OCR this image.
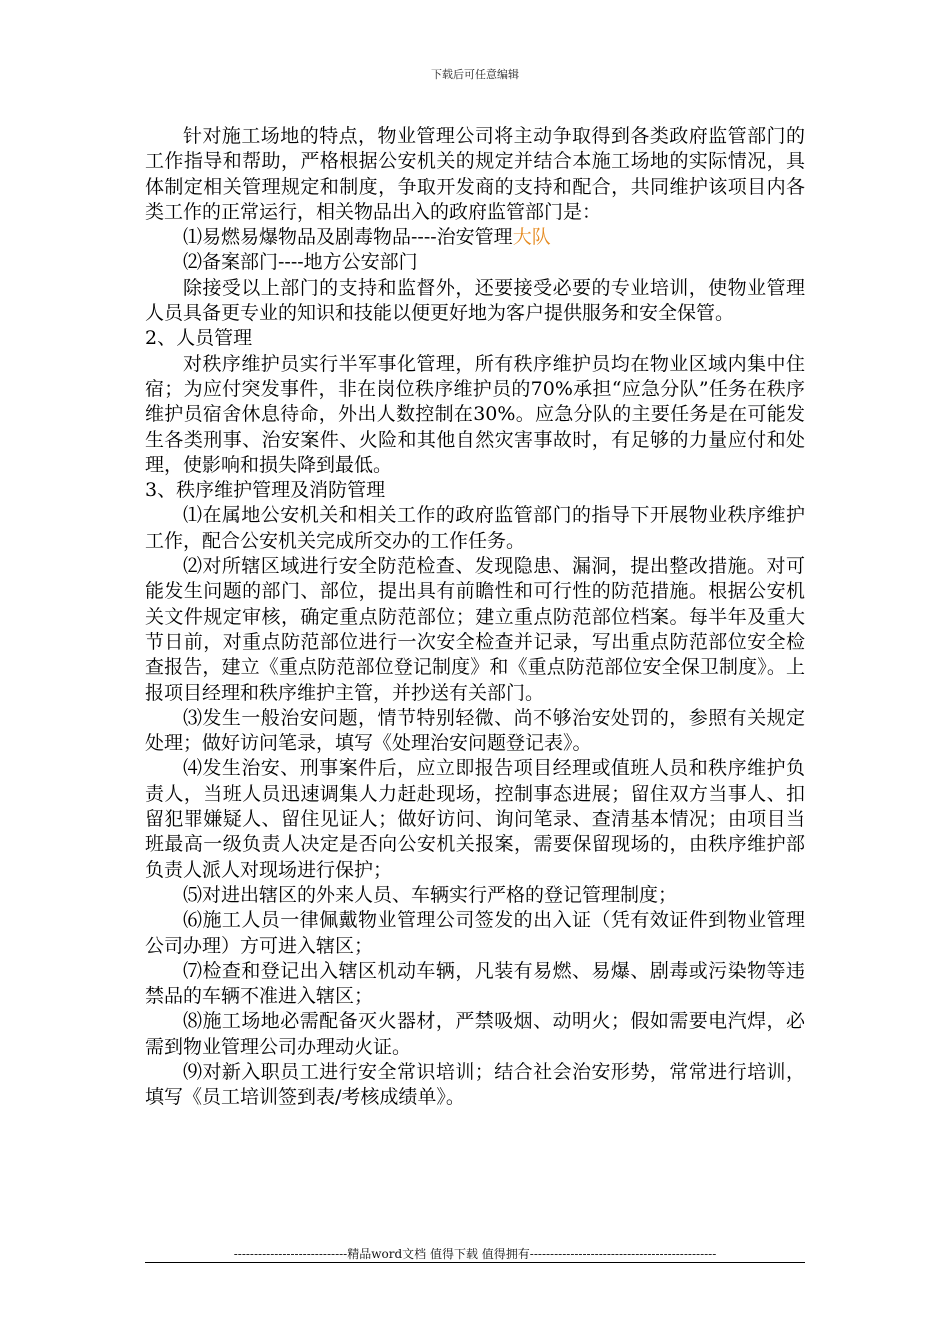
下载后可任意编辑

针对施工场地的特点，物业管理公司将主动争取得到各类政府监管部门的工作指导和帮助，严格根据公安机关的规定并结合本施工场地的实际情况，具体制定相关管理规定和制度，争取开发商的支持和配合，共同维护该项目内各类工作的正常运行，相关物品出入的政府监管部门是：

⑴易燃易爆物品及剧毒物品----治安管理大队

⑵备案部门----地方公安部门

除接受以上部门的支持和监督外，还要接受必要的专业培训，使物业管理人员具备更专业的知识和技能以便更好地为客户提供服务和安全保管。

2、人员管理

对秩序维护员实行半军事化管理，所有秩序维护员均在物业区域内集中住宿；为应付突发事件，非在岗位秩序维护员的70%承担“应急分队”任务在秩序维护员宿舍休息待命，外出人数控制在30%。应急分队的主要任务是在可能发生各类刑事、治安案件、火险和其他自然灾害事故时，有足够的力量应付和处理，使影响和损失降到最低。

3、秩序维护管理及消防管理

⑴在属地公安机关和相关工作的政府监管部门的指导下开展物业秩序维护工作，配合公安机关完成所交办的工作任务。

⑵对所辖区域进行安全防范检查、发现隐患、漏洞，提出整改措施。对可能发生问题的部门、部位，提出具有前瞻性和可行性的防范措施。根据公安机关文件规定审核，确定重点防范部位；建立重点防范部位档案。每半年及重大节日前，对重点防范部位进行一次安全检查并记录，写出重点防范部位安全检查报告，建立《重点防范部位登记制度》和《重点防范部位安全保卫制度》。上报项目经理和秩序维护主管，并抄送有关部门。

⑶发生一般治安问题，情节特别轻微、尚不够治安处罚的，参照有关规定处理；做好访问笔录，填写《处理治安问题登记表》。

⑷发生治安、刑事案件后，应立即报告项目经理或值班人员和秩序维护负责人，当班人员迅速调集人力赶赴现场，控制事态进展；留住双方当事人、扣留犯罪嫌疑人、留住见证人；做好访问、询问笔录、查清基本情况；由项目当班最高一级负责人决定是否向公安机关报案，需要保留现场的，由秩序维护部负责人派人对现场进行保护；

⑸对进出辖区的外来人员、车辆实行严格的登记管理制度；

⑹施工人员一律佩戴物业管理公司签发的出入证（凭有效证件到物业管理公司办理）方可进入辖区；

⑺检查和登记出入辖区机动车辆，凡装有易燃、易爆、剧毒或污染物等违禁品的车辆不准进入辖区；

⑻施工场地必需配备灭火器材，严禁吸烟、动明火；假如需要电汽焊，必需到物业管理公司办理动火证。

⑼对新入职员工进行安全常识培训；结合社会治安形势，常常进行培训，填写《员工培训签到表/考核成绩单》。

----------------------------精品word文档 值得下载 值得拥有----------------------------------------------
